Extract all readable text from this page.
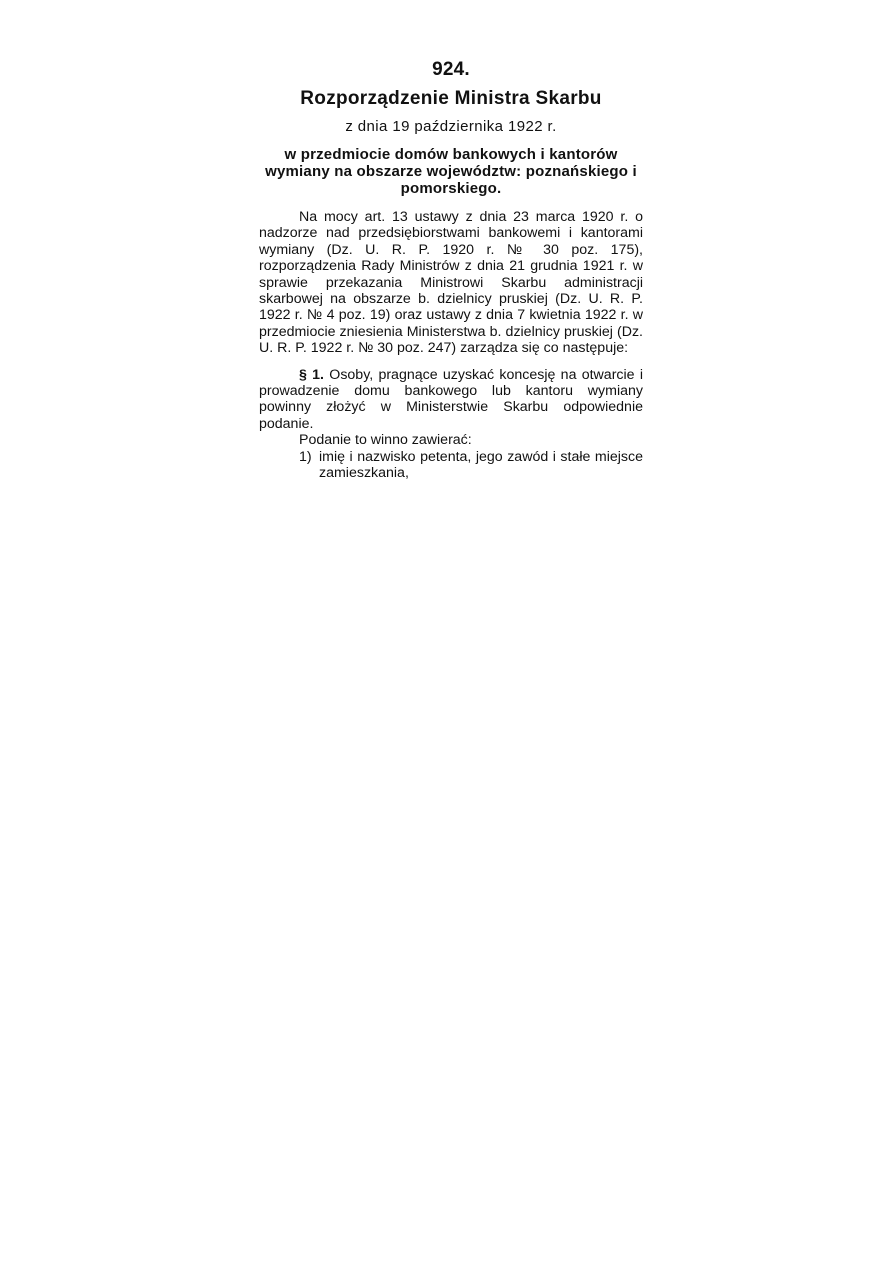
924.

Rozporządzenie Ministra Skarbu

z dnia 19 października 1922 r.

w przedmiocie domów bankowych i kantorów wymiany na obszarze województw: poznańskiego i pomorskiego.

Na mocy art. 13 ustawy z dnia 23 marca 1920 r. o nadzorze nad przedsiębiorstwami bankowemi i kantorami wymiany (Dz. U. R. P. 1920 r. № 30 poz. 175), rozporządzenia Rady Ministrów z dnia 21 grudnia 1921 r. w sprawie przekazania Ministrowi Skarbu administracji skarbowej na obszarze b. dzielnicy pruskiej (Dz. U. R. P. 1922 r. № 4 poz. 19) oraz ustawy z dnia 7 kwietnia 1922 r. w przedmiocie zniesienia Ministerstwa b. dzielnicy pruskiej (Dz. U. R. P. 1922 r. № 30 poz. 247) zarządza się co następuje:

§ 1. Osoby, pragnące uzyskać koncesję na otwarcie i prowadzenie domu bankowego lub kantoru wymiany powinny złożyć w Ministerstwie Skarbu odpowiednie podanie.

Podanie to winno zawierać:

1) imię i nazwisko petenta, jego zawód i stałe miejsce zamieszkania,
